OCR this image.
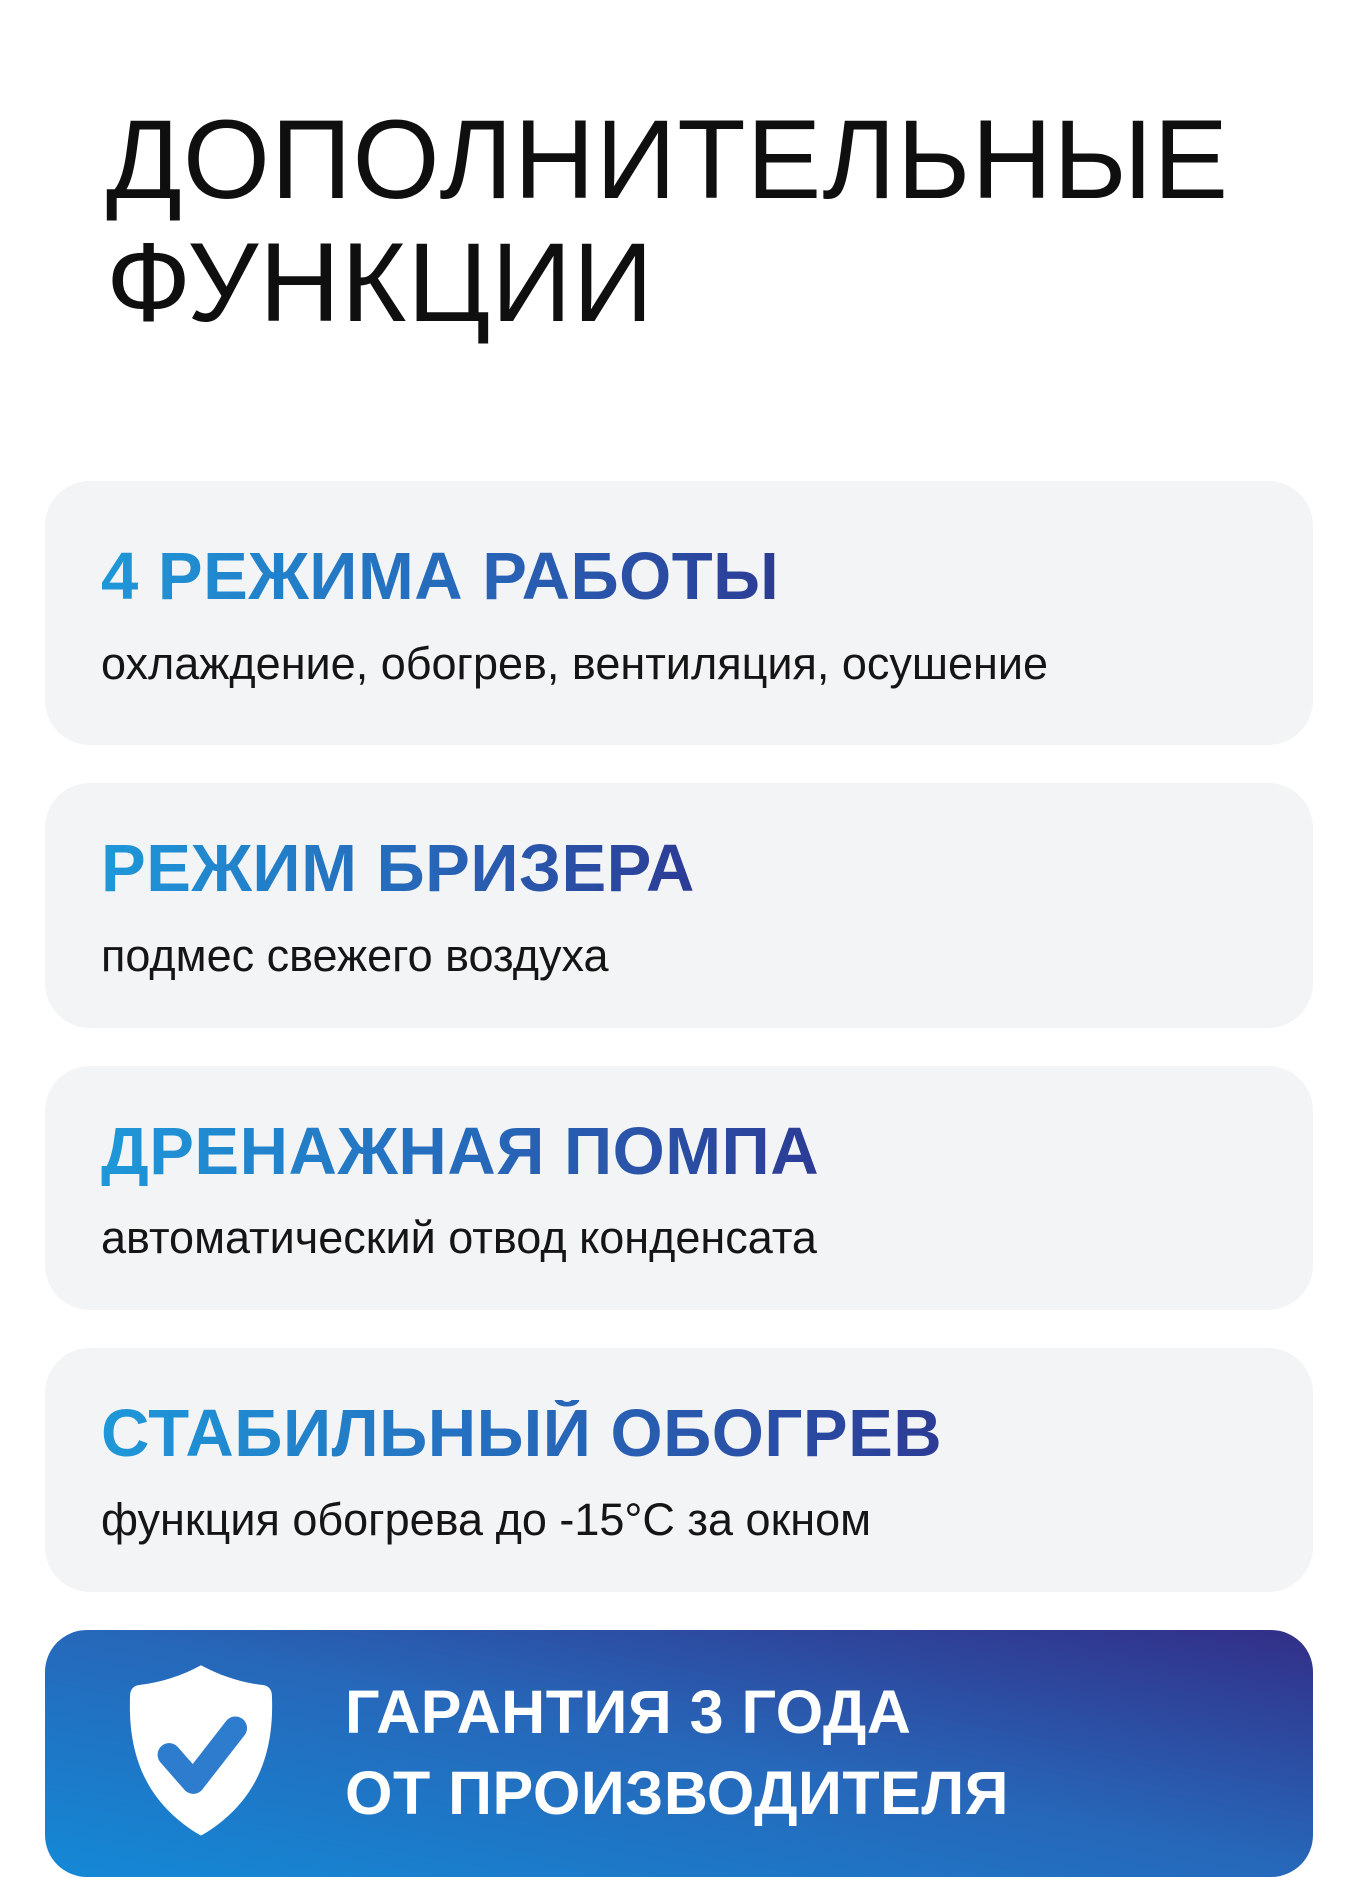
ДОПОЛНИТЕЛЬНЫЕ
ФУНКЦИИ
4 РЕЖИМА РАБОТЫ

охлаждение, обогрев, вентиляция, осушение

РЕЖИМ БРИЗЕРА

подмес свежего воздуха

ДРЕНАЖНАЯ ПОМПА

автоматический отвод конденсата

СТАБИЛЬНЫЙ ОБОГРЕВ

функция обогрева до -15°С за окном

ГАРАНТИЯ 3 ГОДА
ОТ ПРОИЗВОДИТЕЛЯ
